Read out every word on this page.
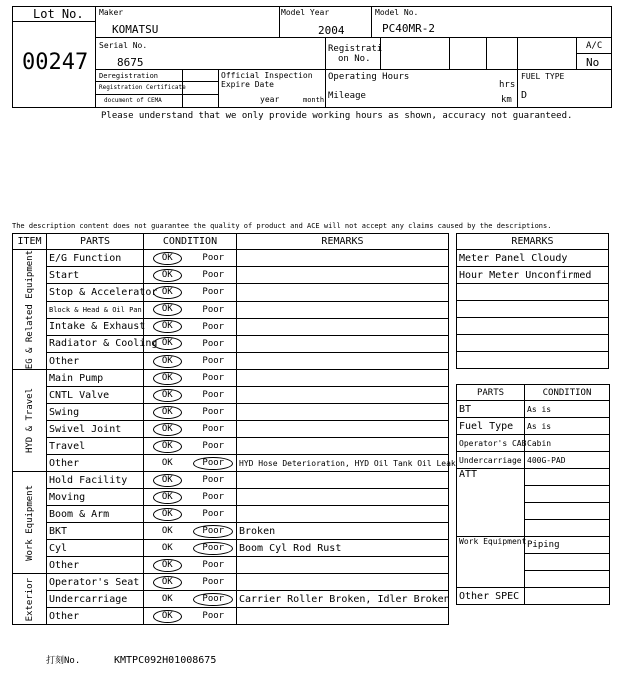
Lot No.
00247
Maker
KOMATSU
Model Year
2004
Model No.
PC40MR-2
Serial No.
8675
Registrati
on No.
A/C
No
Deregistration
Registration Certificate
document of CEMA
Official Inspection
Expire Date
year	month
Operating Hours
hrs
Mileage	km
FUEL TYPE
D
Please understand that we only provide working hours as shown, accuracy not guaranteed.
The description content does not guarantee the quality of product and ACE will not accept any claims caused by the descriptions.
ITEM	PARTS	CONDITION		REMARKS

EG & Related Equipment	E/G Function	OK	Poor	
	Start	OK	Poor	
	Stop & Accelerator	OK	Poor	
	Block & Head & Oil Pan	OK	Poor	
	Intake & Exhaust	OK	Poor	
	Radiator & Cooling	OK	Poor	
	Other	OK	Poor	

HYD & Travel	Main Pump	OK	Poor	
	CNTL Valve	OK	Poor	
	Swing	OK	Poor	
	Swivel Joint	OK	Poor	
	Travel	OK	Poor	
	Other	OK	Poor	HYD Hose Deterioration, HYD Oil Tank Oil Leak

Work Equipment	Hold Facility	OK	Poor	
	Moving	OK	Poor	
	Boom & Arm	OK	Poor	
	BKT	OK	Poor	Broken
	Cyl	OK	Poor	Boom Cyl Rod Rust
	Other	OK	Poor	

Exterior	Operator's Seat	OK	Poor	
	Undercarriage	OK	Poor	Carrier Roller Broken, Idler Broken
	Other	OK	Poor	
REMARKS
Meter Panel Cloudy
Hour Meter Unconfirmed

PARTS	CONDITION
BT	As is
Fuel Type	As is
Operator's CAB	Cabin
Undercarriage	400G-PAD
ATT	

Work Equipment	Piping

Other SPEC	
打刻No.	KMTPC092H01008675
